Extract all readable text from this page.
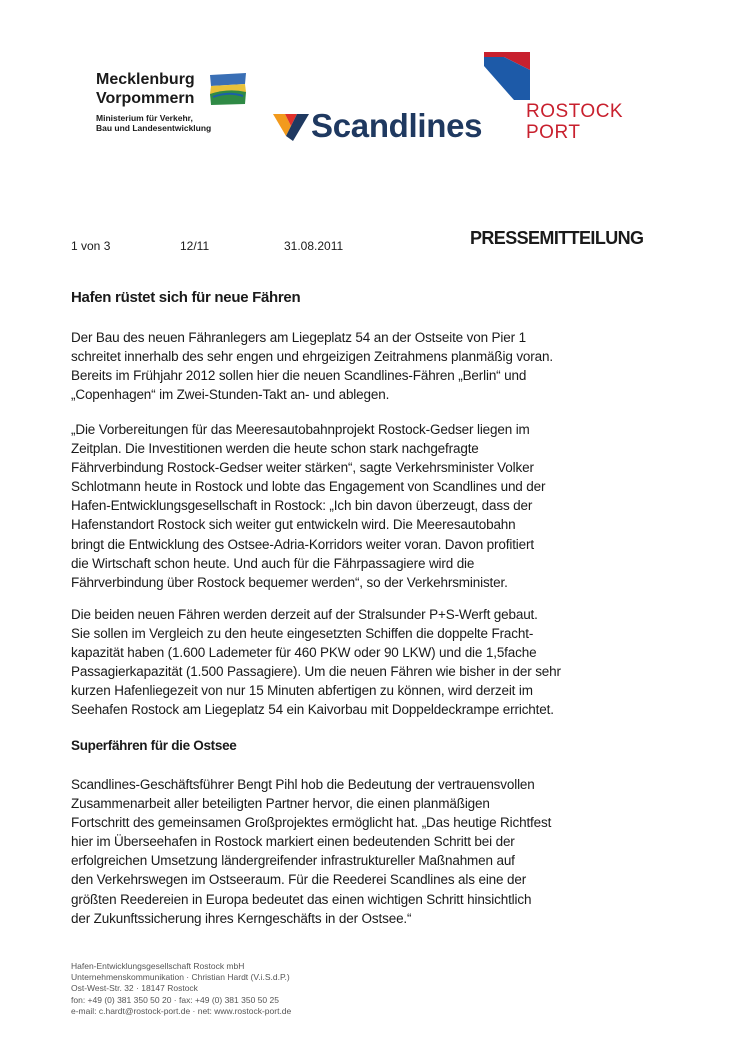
Mecklenburg
Vorpommern
Ministerium für Verkehr,
Bau und Landesentwicklung	Scandlines ROSTOCK
PORT
1 von 3	12/11	31.08.2011	PRESSEMITTEILUNG
Hafen rüstet sich für neue Fähren
Der Bau des neuen Fähranlegers am Liegeplatz 54 an der Ostseite von Pier 1
schreitet innerhalb des sehr engen und ehrgeizigen Zeitrahmens planmäßig voran.
Bereits im Frühjahr 2012 sollen hier die neuen Scandlines-Fähren „Berlin“ und
„Copenhagen“ im Zwei-Stunden-Takt an- und ablegen.
„Die Vorbereitungen für das Meeresautobahnprojekt Rostock-Gedser liegen im
Zeitplan. Die Investitionen werden die heute schon stark nachgefragte
Fährverbindung Rostock-Gedser weiter stärken“, sagte Verkehrsminister Volker
Schlotmann heute in Rostock und lobte das Engagement von Scandlines und der
Hafen-Entwicklungsgesellschaft in Rostock: „Ich bin davon überzeugt, dass der
Hafenstandort Rostock sich weiter gut entwickeln wird. Die Meeresautobahn
bringt die Entwicklung des Ostsee-Adria-Korridors weiter voran. Davon profitiert
die Wirtschaft schon heute. Und auch für die Fährpassagiere wird die
Fährverbindung über Rostock bequemer werden“, so der Verkehrsminister.
Die beiden neuen Fähren werden derzeit auf der Stralsunder P+S-Werft gebaut.
Sie sollen im Vergleich zu den heute eingesetzten Schiffen die doppelte Fracht-
kapazität haben (1.600 Lademeter für 460 PKW oder 90 LKW) und die 1,5fache
Passagierkapazität (1.500 Passagiere). Um die neuen Fähren wie bisher in der sehr
kurzen Hafenliegezeit von nur 15 Minuten abfertigen zu können, wird derzeit im
Seehafen Rostock am Liegeplatz 54 ein Kaivorbau mit Doppeldeckrampe errichtet.
Superfähren für die Ostsee
Scandlines-Geschäftsführer Bengt Pihl hob die Bedeutung der vertrauensvollen
Zusammenarbeit aller beteiligten Partner hervor, die einen planmäßigen
Fortschritt des gemeinsamen Großprojektes ermöglicht hat. „Das heutige Richtfest
hier im Überseehafen in Rostock markiert einen bedeutenden Schritt bei der
erfolgreichen Umsetzung ländergreifender infrastruktureller Maßnahmen auf
den Verkehrswegen im Ostseeraum. Für die Reederei Scandlines als eine der
größten Reedereien in Europa bedeutet das einen wichtigen Schritt hinsichtlich
der Zukunftssicherung ihres Kerngeschäfts in der Ostsee.“
Hafen-Entwicklungsgesellschaft Rostock mbH
Unternehmenskommunikation · Christian Hardt (V.i.S.d.P.)
Ost-West-Str. 32 · 18147 Rostock
fon: +49 (0) 381 350 50 20 · fax: +49 (0) 381 350 50 25
e-mail: c.hardt@rostock-port.de · net: www.rostock-port.de
